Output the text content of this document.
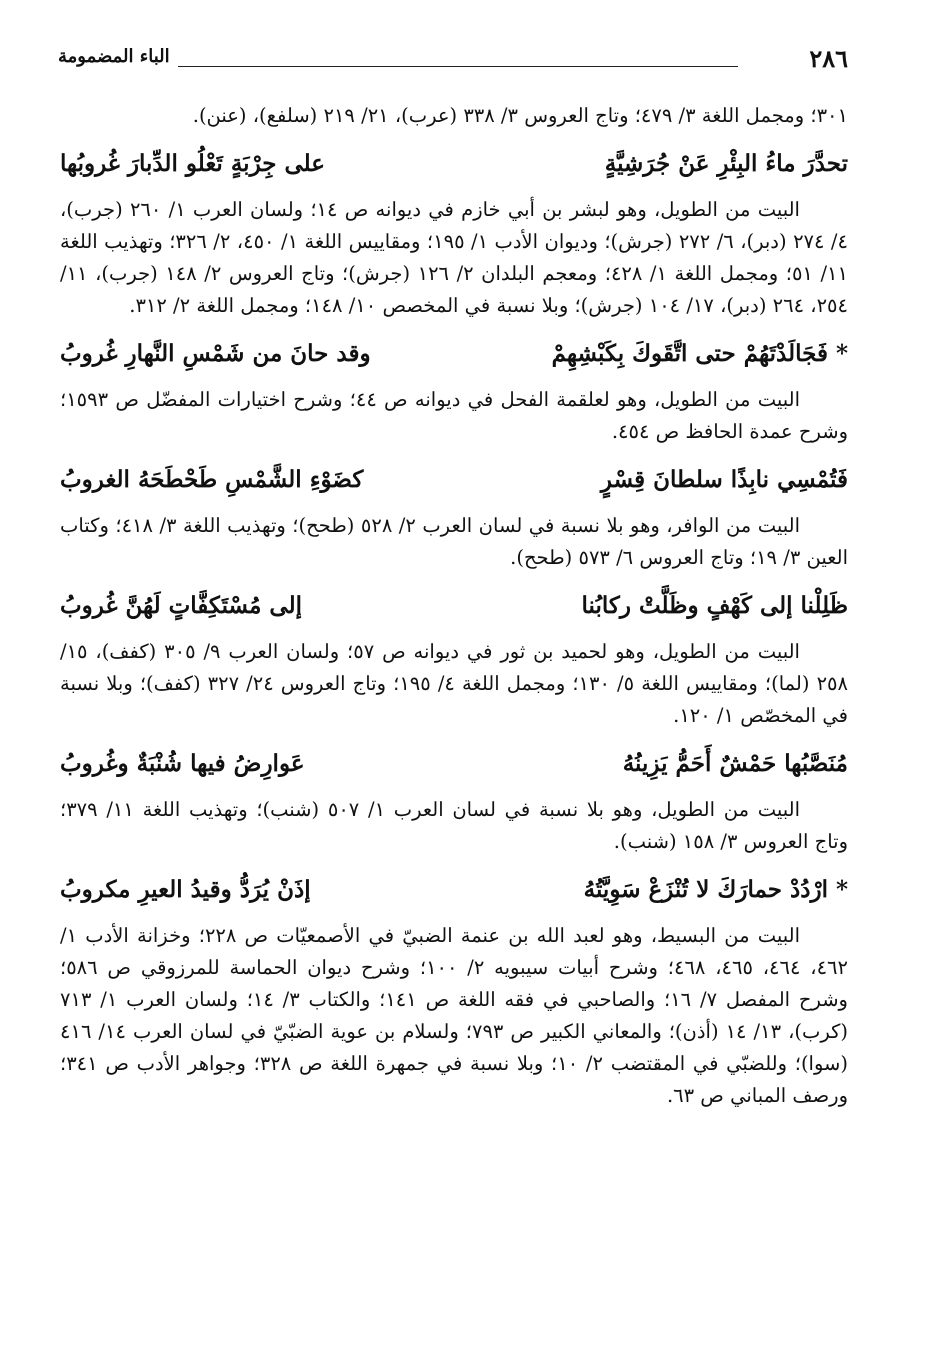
٢٨٦
الباء المضمومة

٣٠١؛ ومجمل اللغة ٣/ ٤٧٩؛ وتاج العروس ٣/ ٣٣٨ (عرب)، ٢١/ ٢١٩ (سلفع)، (عنن).

تحدَّرَ ماءُ البِئْرِ عَنْ جُرَشِيَّةٍ
على جِرْبَةٍ تَعْلُو الدِّبارَ غُروبُها

البيت من الطويل، وهو لبشر بن أبي خازم في ديوانه ص ١٤؛ ولسان العرب ١/ ٢٦٠ (جرب)، ٤/ ٢٧٤ (دبر)، ٦/ ٢٧٢ (جرش)؛ وديوان الأدب ١/ ١٩٥؛ ومقاييس اللغة ١/ ٤٥٠، ٢/ ٣٢٦؛ وتهذيب اللغة ١١/ ٥١؛ ومجمل اللغة ١/ ٤٢٨؛ ومعجم البلدان ٢/ ١٢٦ (جرش)؛ وتاج العروس ٢/ ١٤٨ (جرب)، ١١/ ٢٥٤، ٢٦٤ (دبر)، ١٧/ ١٠٤ (جرش)؛ وبلا نسبة في المخصص ١٠/ ١٤٨؛ ومجمل اللغة ٢/ ٣١٢.

* فَجَالَدْتَهُمْ حتى اتَّقَوكَ بِكَبْشِهِمْ
وقد حانَ من شَمْسِ النَّهارِ غُروبُ

البيت من الطويل، وهو لعلقمة الفحل في ديوانه ص ٤٤؛ وشرح اختيارات المفضّل ص ١٥٩٣؛ وشرح عمدة الحافظ ص ٤٥٤.

فَتُمْسِي نابِذًا سلطانَ قِسْرٍ
كضَوْءِ الشَّمْسِ طَحْطَحَهُ الغروبُ

البيت من الوافر، وهو بلا نسبة في لسان العرب ٢/ ٥٢٨ (طحح)؛ وتهذيب اللغة ٣/ ٤١٨؛ وكتاب العين ٣/ ١٩؛ وتاج العروس ٦/ ٥٧٣ (طحح).

ظَلِلْنا إلى كَهْفٍ وظَلَّتْ ركابُنا
إلى مُسْتَكِفَّاتٍ لَهُنَّ غُروبُ

البيت من الطويل، وهو لحميد بن ثور في ديوانه ص ٥٧؛ ولسان العرب ٩/ ٣٠٥ (كفف)، ١٥/ ٢٥٨ (لما)؛ ومقاييس اللغة ٥/ ١٣٠؛ ومجمل اللغة ٤/ ١٩٥؛ وتاج العروس ٢٤/ ٣٢٧ (كفف)؛ وبلا نسبة في المخصّص ١/ ١٢٠.

مُنَصَّبُها حَمْشٌ أَحَمُّ يَزِينُهُ
عَوارِضُ فيها شُنْبَةٌ وغُروبُ

البيت من الطويل، وهو بلا نسبة في لسان العرب ١/ ٥٠٧ (شنب)؛ وتهذيب اللغة ١١/ ٣٧٩؛ وتاج العروس ٣/ ١٥٨ (شنب).

* ارْدُدْ حمارَكَ لا تُنْزَعْ سَوِيَّتُهُ
إذَنْ يُرَدُّ وقيدُ العيرِ مكروبُ

البيت من البسيط، وهو لعبد الله بن عنمة الضبيّ في الأصمعيّات ص ٢٢٨؛ وخزانة الأدب ١/ ٤٦٢، ٤٦٤، ٤٦٥، ٤٦٨؛ وشرح أبيات سيبويه ٢/ ١٠٠؛ وشرح ديوان الحماسة للمرزوقي ص ٥٨٦؛ وشرح المفصل ٧/ ١٦؛ والصاحبي في فقه اللغة ص ١٤١؛ والكتاب ٣/ ١٤؛ ولسان العرب ١/ ٧١٣ (كرب)، ١٣/ ١٤ (أذن)؛ والمعاني الكبير ص ٧٩٣؛ ولسلام بن عوية الضبّيّ في لسان العرب ١٤/ ٤١٦ (سوا)؛ وللضبّي في المقتضب ٢/ ١٠؛ وبلا نسبة في جمهرة اللغة ص ٣٢٨؛ وجواهر الأدب ص ٣٤١؛ ورصف المباني ص ٦٣.
